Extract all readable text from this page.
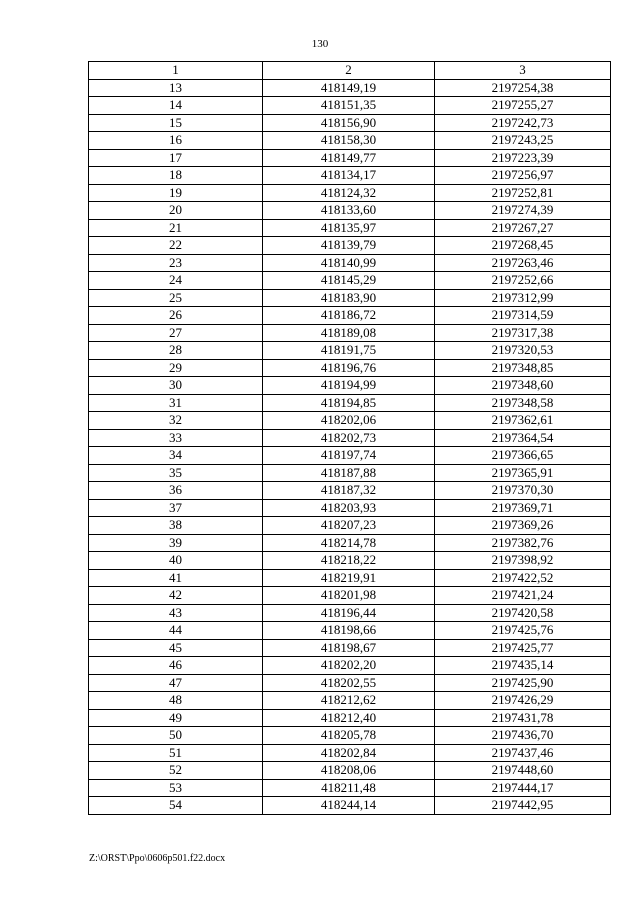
130
1	2	3
13	418149,19	2197254,38
14	418151,35	2197255,27
15	418156,90	2197242,73
16	418158,30	2197243,25
17	418149,77	2197223,39
18	418134,17	2197256,97
19	418124,32	2197252,81
20	418133,60	2197274,39
21	418135,97	2197267,27
22	418139,79	2197268,45
23	418140,99	2197263,46
24	418145,29	2197252,66
25	418183,90	2197312,99
26	418186,72	2197314,59
27	418189,08	2197317,38
28	418191,75	2197320,53
29	418196,76	2197348,85
30	418194,99	2197348,60
31	418194,85	2197348,58
32	418202,06	2197362,61
33	418202,73	2197364,54
34	418197,74	2197366,65
35	418187,88	2197365,91
36	418187,32	2197370,30
37	418203,93	2197369,71
38	418207,23	2197369,26
39	418214,78	2197382,76
40	418218,22	2197398,92
41	418219,91	2197422,52
42	418201,98	2197421,24
43	418196,44	2197420,58
44	418198,66	2197425,76
45	418198,67	2197425,77
46	418202,20	2197435,14
47	418202,55	2197425,90
48	418212,62	2197426,29
49	418212,40	2197431,78
50	418205,78	2197436,70
51	418202,84	2197437,46
52	418208,06	2197448,60
53	418211,48	2197444,17
54	418244,14	2197442,95
Z:\ORST\Ppo\0606p501.f22.docx
